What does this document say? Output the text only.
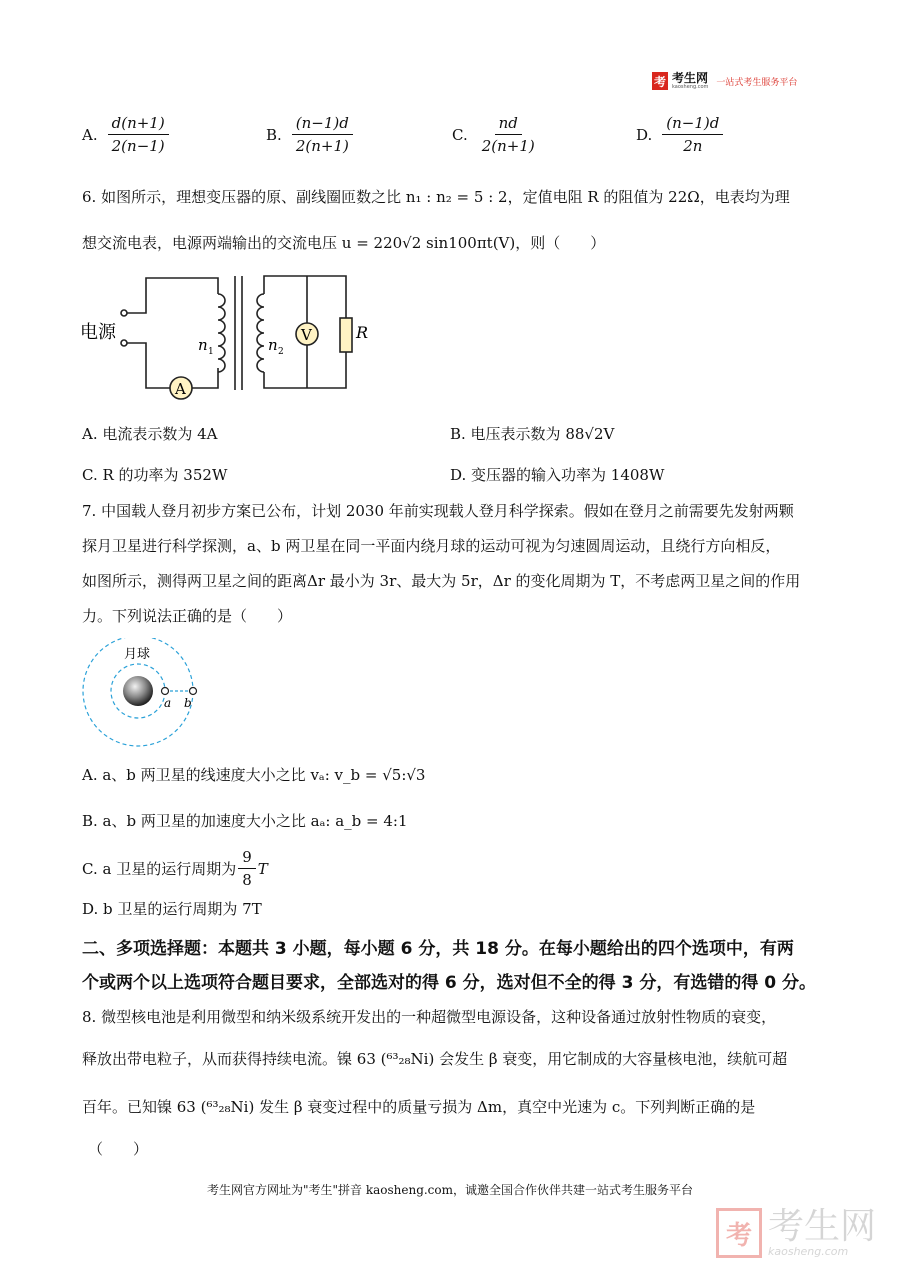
考 考生网
kaosheng.com 一站式考生服务平台
A. $\frac{d(n+1)}{2(n-1)}$	B. $\frac{(n-1)d}{2(n+1)}$	C. $\frac{nd}{2(n+1)}$	D. $\frac{(n-1)d}{2n}$
6. 如图所示，理想变压器的原、副线圈匝数之比 n₁ : n₂ = 5 : 2，定值电阻 R 的阻值为 22Ω，电表均为理
想交流电表，电源两端输出的交流电压 u = 220√2 sin100πt(V)，则（　　）
电源
A
V	R
n 1	n 2
A. 电流表示数为 4A	B. 电压表示数为 88√2V
C. R 的功率为 352W	D. 变压器的输入功率为 1408W
7. 中国载人登月初步方案已公布，计划 2030 年前实现载人登月科学探索。假如在登月之前需要先发射两颗
探月卫星进行科学探测，a、b 两卫星在同一平面内绕月球的运动可视为匀速圆周运动，且绕行方向相反，
如图所示，测得两卫星之间的距离Δr 最小为 3r、最大为 5r，Δr 的变化周期为 T，不考虑两卫星之间的作用
力。下列说法正确的是（　　）
月球
a b
A. a、b 两卫星的线速度大小之比 vₐ: v_b = √5:√3
B. a、b 两卫星的加速度大小之比 aₐ: a_b = 4:1
C. a 卫星的运行周期为 $\frac{9}{8}$ T
D. b 卫星的运行周期为 7T
二、多项选择题：本题共 3 小题，每小题 6 分，共 18 分。在每小题给出的四个选项中，有两
个或两个以上选项符合题目要求，全部选对的得 6 分，选对但不全的得 3 分，有选错的得 0 分。
8. 微型核电池是利用微型和纳米级系统开发出的一种超微型电源设备，这种设备通过放射性物质的衰变，
释放出带电粒子，从而获得持续电流。镍 63 (⁶³₂₈Ni) 会发生 β 衰变，用它制成的大容量核电池，续航可超
百年。已知镍 63 (⁶³₂₈Ni) 发生 β 衰变过程中的质量亏损为 Δm，真空中光速为 c。下列判断正确的是
（　　）
考生网官方网址为"考生"拼音 kaosheng.com，诚邀全国合作伙伴共建一站式考生服务平台
考 考生网
kaosheng.com
